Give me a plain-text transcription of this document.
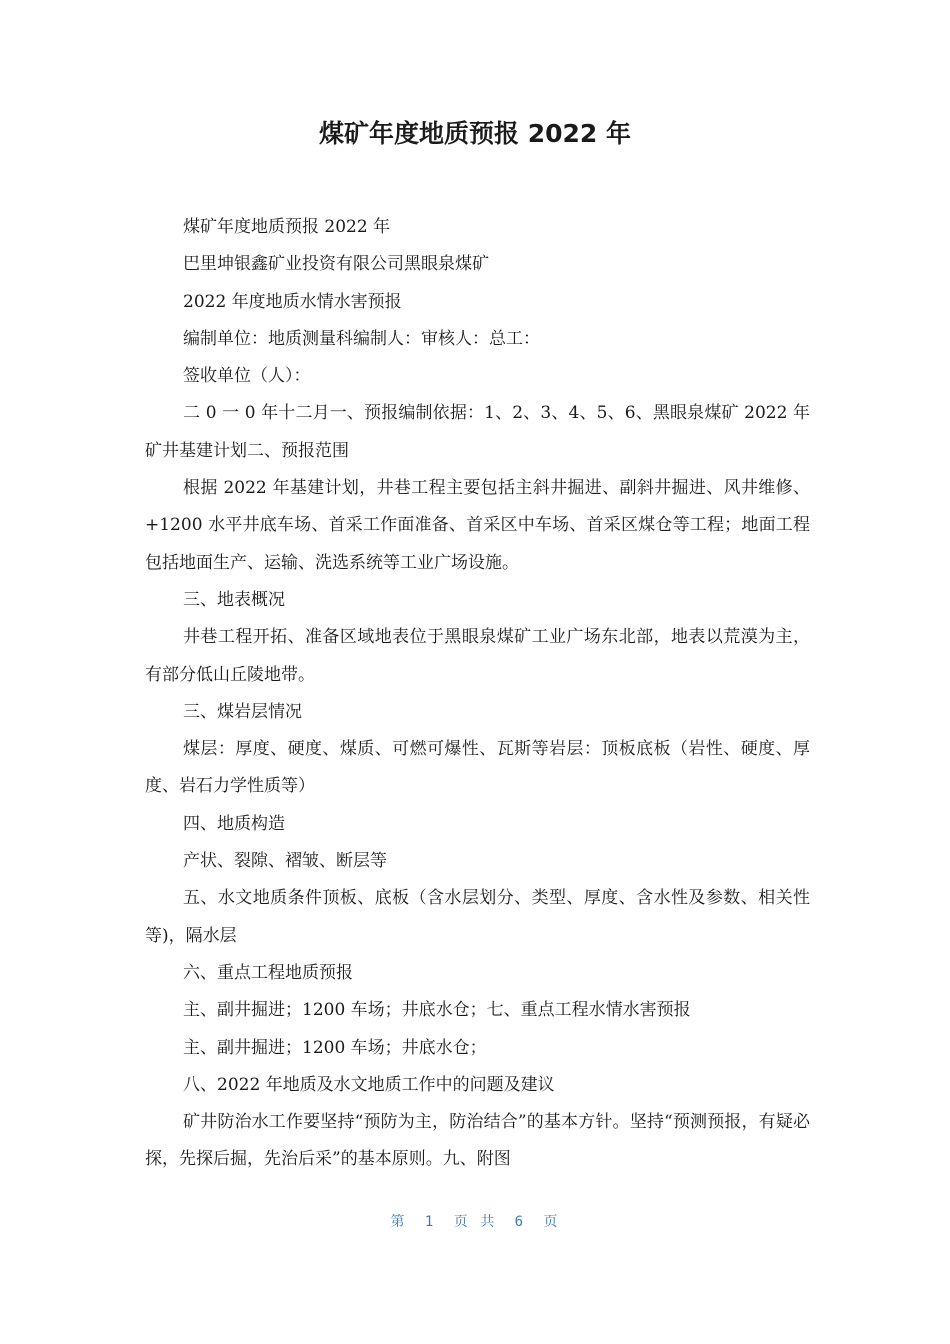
煤矿年度地质预报 2022 年

煤矿年度地质预报 2022 年

巴里坤银鑫矿业投资有限公司黑眼泉煤矿

2022 年度地质水情水害预报

编制单位：地质测量科编制人：审核人：总工：

签收单位（人）：

二 0 一 0 年十二月一、预报编制依据：1、2、3、4、5、6、黑眼泉煤矿 2022 年矿井基建计划二、预报范围

根据 2022 年基建计划，井巷工程主要包括主斜井掘进、副斜井掘进、风井维修、+1200 水平井底车场、首采工作面准备、首采区中车场、首采区煤仓等工程；地面工程包括地面生产、运输、洗选系统等工业广场设施。

三、地表概况

井巷工程开拓、准备区域地表位于黑眼泉煤矿工业广场东北部，地表以荒漠为主，有部分低山丘陵地带。

三、煤岩层情况

煤层：厚度、硬度、煤质、可燃可爆性、瓦斯等岩层：顶板底板（岩性、硬度、厚度、岩石力学性质等）

四、地质构造

产状、裂隙、褶皱、断层等

五、水文地质条件顶板、底板（含水层划分、类型、厚度、含水性及参数、相关性等)，隔水层

六、重点工程地质预报

主、副井掘进；1200 车场；井底水仓；七、重点工程水情水害预报

主、副井掘进；1200 车场；井底水仓；

八、2022 年地质及水文地质工作中的问题及建议

矿井防治水工作要坚持“预防为主，防治结合”的基本方针。坚持“预测预报，有疑必探，先探后掘，先治后采”的基本原则。九、附图

第 1 页 共 6 页
